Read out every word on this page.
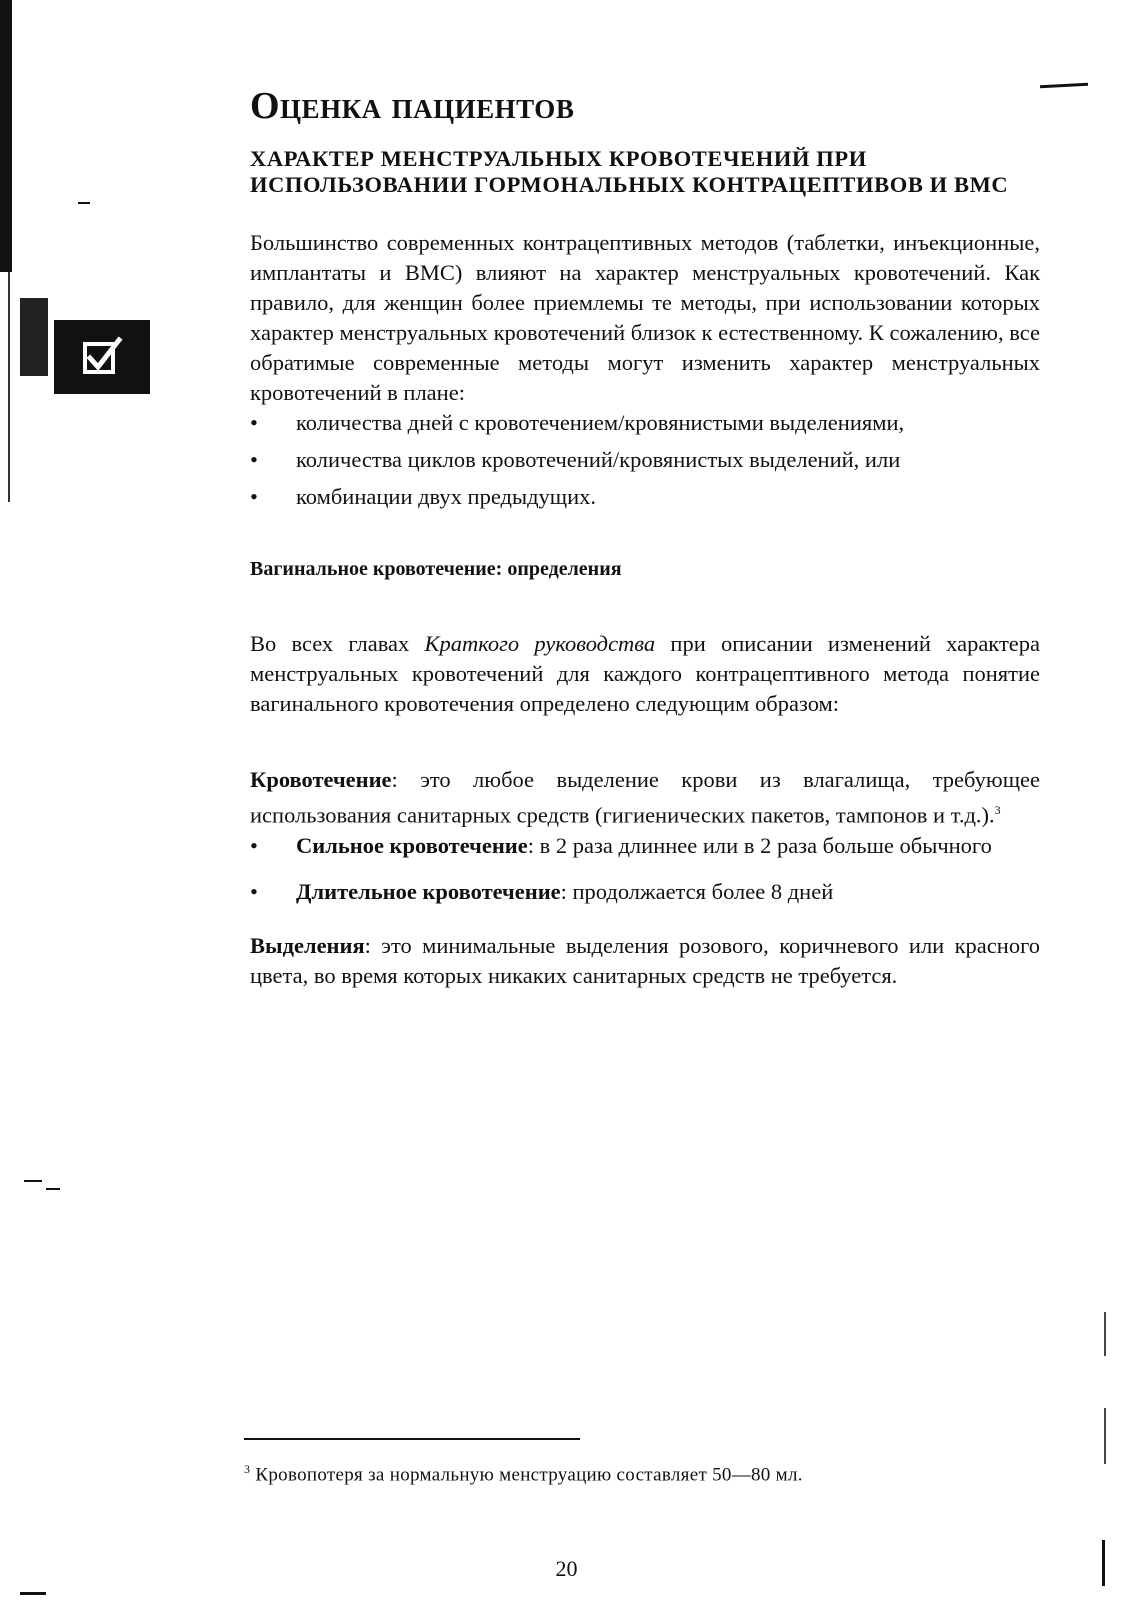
Оценка пациентов
ХАРАКТЕР МЕНСТРУАЛЬНЫХ КРОВОТЕЧЕНИЙ ПРИ ИСПОЛЬЗОВАНИИ ГОРМОНАЛЬНЫХ КОНТРАЦЕПТИВОВ И ВМС

Большинство современных контрацептивных методов (таблетки, инъекционные, имплантаты и ВМС) влияют на характер менструальных кровотечений. Как правило, для женщин более приемлемы те методы, при использовании которых характер менструальных кровотечений близок к естественному. К сожалению, все обратимые современные методы могут изменить характер менструальных кровотечений в плане:

• количества дней с кровотечением/кровянистыми выделениями,
• количества циклов кровотечений/кровянистых выделений, или
• комбинации двух предыдущих.
Вагинальное кровотечение: определения

Во всех главах Краткого руководства при описании изменений характера менструальных кровотечений для каждого контрацептивного метода понятие вагинального кровотечения определено следующим образом:

Кровотечение: это любое выделение крови из влагалища, требующее использования санитарных средств (гигиенических пакетов, тампонов и т.д.).$^3$

• Сильное кровотечение: в 2 раза длиннее или в 2 раза больше обычного
• Длительное кровотечение: продолжается более 8 дней

Выделения: это минимальные выделения розового, коричневого или красного цвета, во время которых никаких санитарных средств не требуется.

$^3$ Кровопотеря за нормальную менструацию составляет 50—80 мл.
20
